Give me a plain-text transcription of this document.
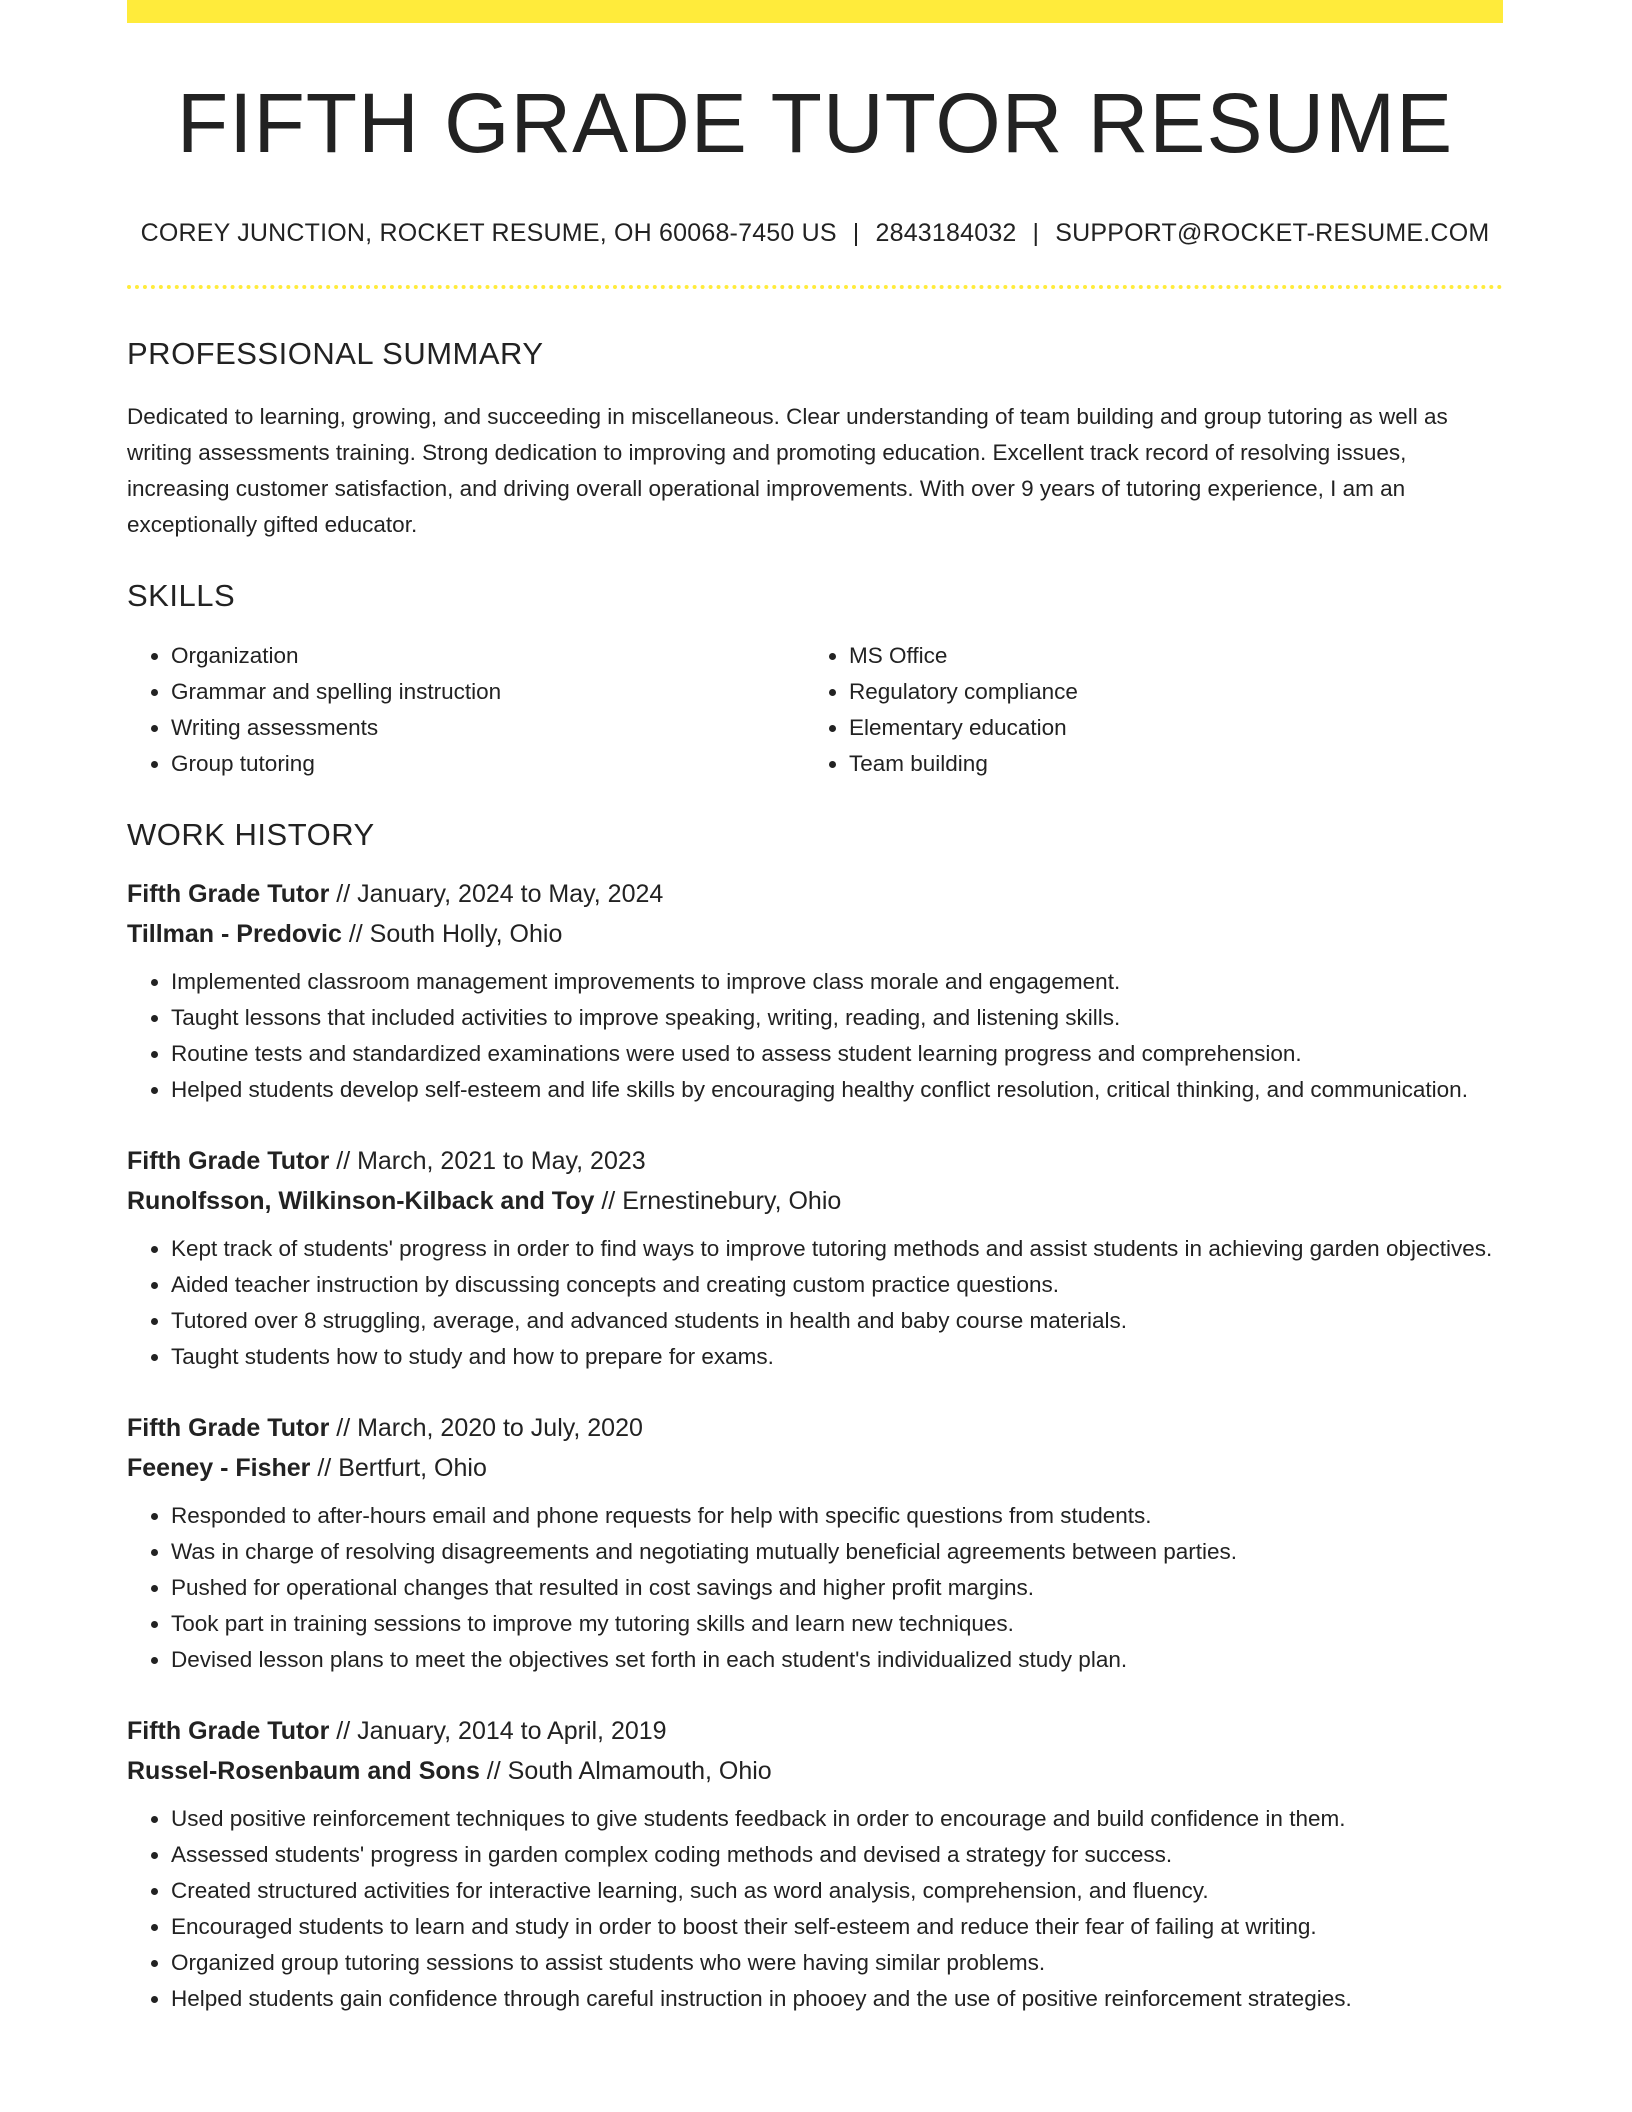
FIFTH GRADE TUTOR RESUME
COREY JUNCTION, ROCKET RESUME, OH 60068-7450 US | 2843184032 | SUPPORT@ROCKET-RESUME.COM
PROFESSIONAL SUMMARY
Dedicated to learning, growing, and succeeding in miscellaneous. Clear understanding of team building and group tutoring as well as writing assessments training. Strong dedication to improving and promoting education. Excellent track record of resolving issues, increasing customer satisfaction, and driving overall operational improvements. With over 9 years of tutoring experience, I am an exceptionally gifted educator.
SKILLS
• Organization
• Grammar and spelling instruction
• Writing assessments
• Group tutoring
• MS Office
• Regulatory compliance
• Elementary education
• Team building
WORK HISTORY
Fifth Grade Tutor // January, 2024 to May, 2024
Tillman - Predovic // South Holly, Ohio
• Implemented classroom management improvements to improve class morale and engagement.
• Taught lessons that included activities to improve speaking, writing, reading, and listening skills.
• Routine tests and standardized examinations were used to assess student learning progress and comprehension.
• Helped students develop self-esteem and life skills by encouraging healthy conflict resolution, critical thinking, and communication.
Fifth Grade Tutor // March, 2021 to May, 2023
Runolfsson, Wilkinson-Kilback and Toy // Ernestinebury, Ohio
• Kept track of students' progress in order to find ways to improve tutoring methods and assist students in achieving garden objectives.
• Aided teacher instruction by discussing concepts and creating custom practice questions.
• Tutored over 8 struggling, average, and advanced students in health and baby course materials.
• Taught students how to study and how to prepare for exams.
Fifth Grade Tutor // March, 2020 to July, 2020
Feeney - Fisher // Bertfurt, Ohio
• Responded to after-hours email and phone requests for help with specific questions from students.
• Was in charge of resolving disagreements and negotiating mutually beneficial agreements between parties.
• Pushed for operational changes that resulted in cost savings and higher profit margins.
• Took part in training sessions to improve my tutoring skills and learn new techniques.
• Devised lesson plans to meet the objectives set forth in each student's individualized study plan.
Fifth Grade Tutor // January, 2014 to April, 2019
Russel-Rosenbaum and Sons // South Almamouth, Ohio
• Used positive reinforcement techniques to give students feedback in order to encourage and build confidence in them.
• Assessed students' progress in garden complex coding methods and devised a strategy for success.
• Created structured activities for interactive learning, such as word analysis, comprehension, and fluency.
• Encouraged students to learn and study in order to boost their self-esteem and reduce their fear of failing at writing.
• Organized group tutoring sessions to assist students who were having similar problems.
• Helped students gain confidence through careful instruction in phooey and the use of positive reinforcement strategies.
